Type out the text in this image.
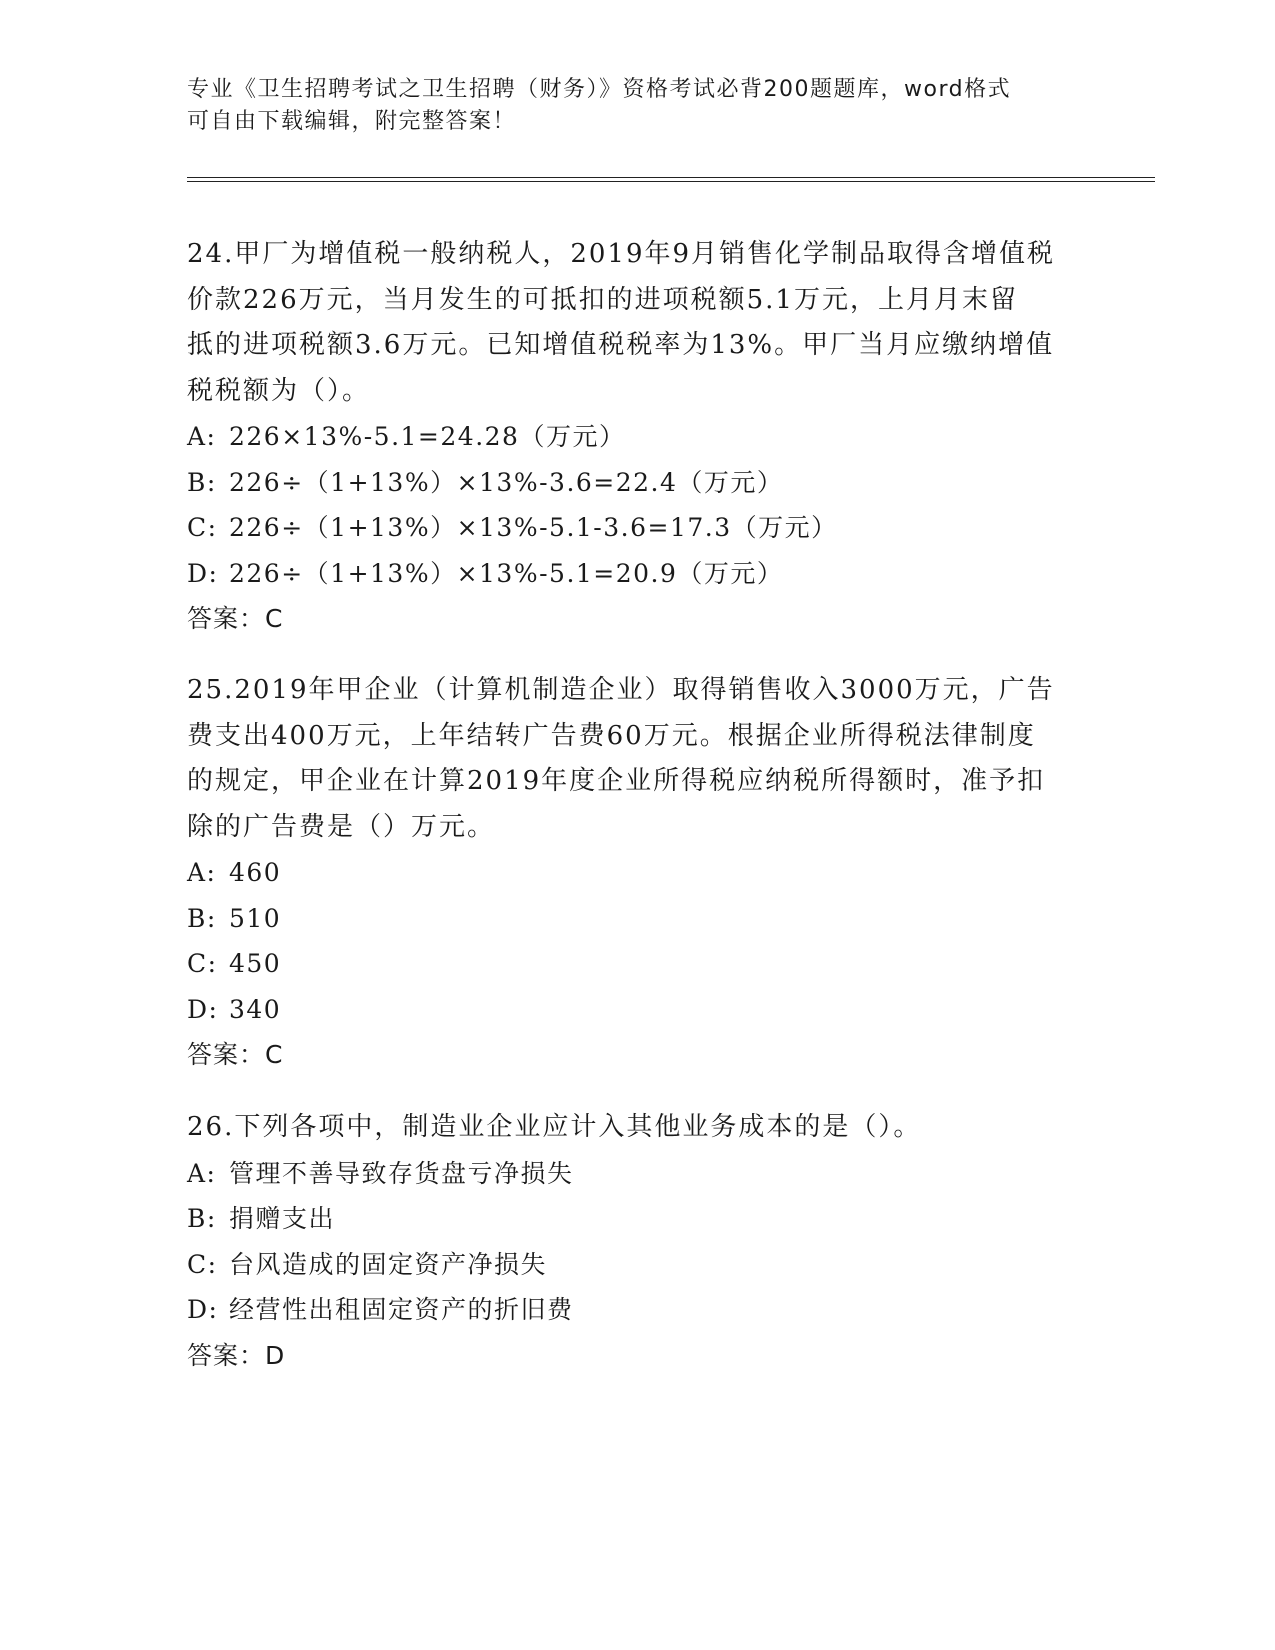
专业《卫生招聘考试之卫生招聘（财务）》资格考试必背200题题库，word格式
可自由下载编辑，附完整答案！

24.甲厂为增值税一般纳税人，2019年9月销售化学制品取得含增值税
价款226万元，当月发生的可抵扣的进项税额5.1万元，上月月末留
抵的进项税额3.6万元。已知增值税税率为13%。甲厂当月应缴纳增值
税税额为（）。

A: 226×13%-5.1=24.28（万元）
B: 226÷（1+13%）×13%-3.6=22.4（万元）
C: 226÷（1+13%）×13%-5.1-3.6=17.3（万元）
D: 226÷（1+13%）×13%-5.1=20.9（万元）

答案：C

25.2019年甲企业（计算机制造企业）取得销售收入3000万元，广告
费支出400万元，上年结转广告费60万元。根据企业所得税法律制度
的规定，甲企业在计算2019年度企业所得税应纳税所得额时，准予扣
除的广告费是（）万元。

A: 460
B: 510
C: 450
D: 340

答案：C

26.下列各项中，制造业企业应计入其他业务成本的是（）。

A: 管理不善导致存货盘亏净损失
B: 捐赠支出
C: 台风造成的固定资产净损失
D: 经营性出租固定资产的折旧费

答案：D
